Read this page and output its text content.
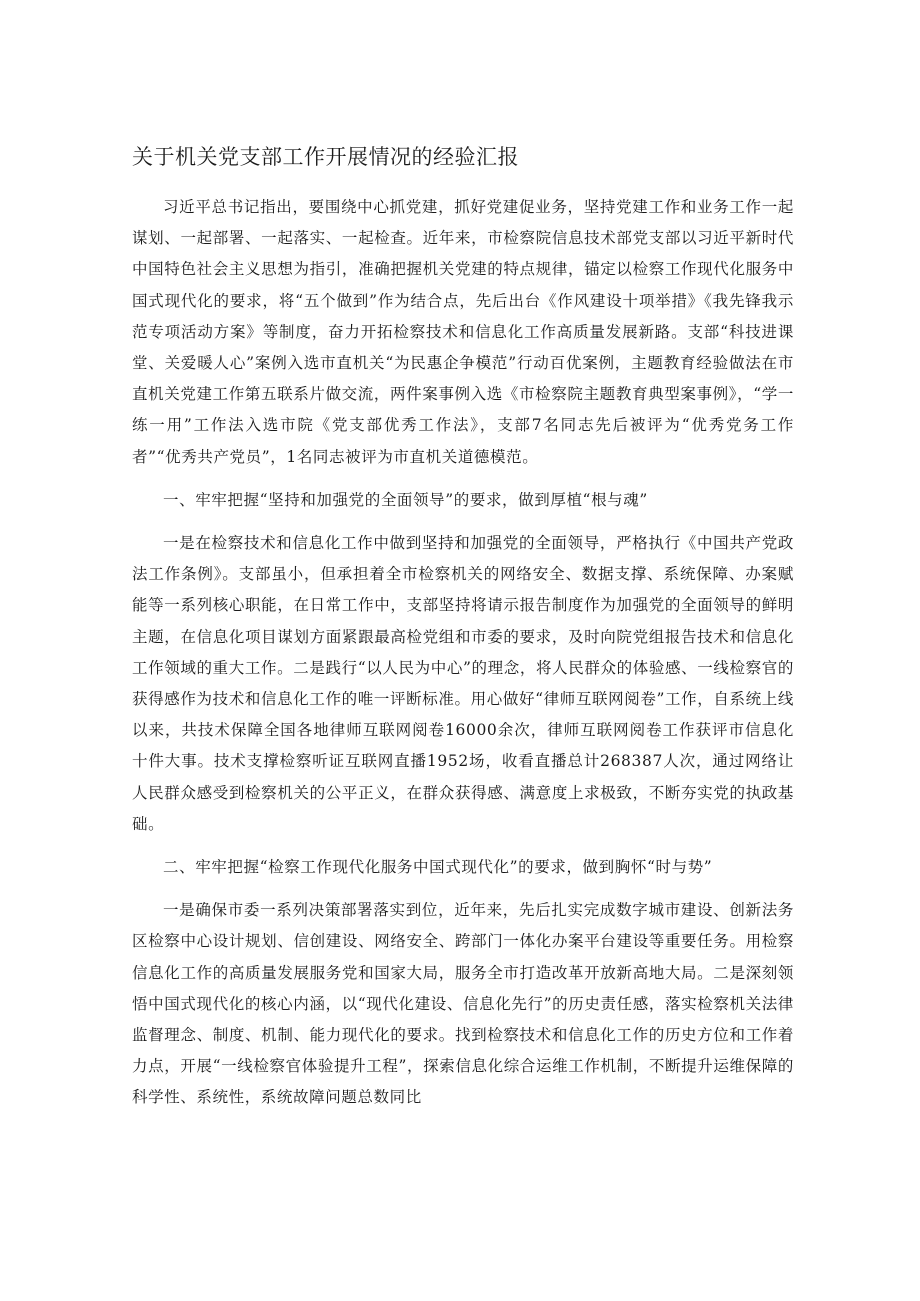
关于机关党支部工作开展情况的经验汇报

习近平总书记指出，要围绕中心抓党建，抓好党建促业务，坚持党建工作和业务工作一起谋划、一起部署、一起落实、一起检查。近年来，市检察院信息技术部党支部以习近平新时代中国特色社会主义思想为指引，准确把握机关党建的特点规律，锚定以检察工作现代化服务中国式现代化的要求，将“五个做到”作为结合点，先后出台《作风建设十项举措》《我先锋我示范专项活动方案》等制度，奋力开拓检察技术和信息化工作高质量发展新路。支部“科技进课堂、关爱暖人心”案例入选市直机关“为民惠企争模范”行动百优案例，主题教育经验做法在市直机关党建工作第五联系片做交流，两件案事例入选《市检察院主题教育典型案事例》，“学一练一用”工作法入选市院《党支部优秀工作法》，支部7名同志先后被评为“优秀党务工作者”“优秀共产党员”，1名同志被评为市直机关道德模范。

一、牢牢把握“坚持和加强党的全面领导”的要求，做到厚植“根与魂”

一是在检察技术和信息化工作中做到坚持和加强党的全面领导，严格执行《中国共产党政法工作条例》。支部虽小，但承担着全市检察机关的网络安全、数据支撑、系统保障、办案赋能等一系列核心职能，在日常工作中，支部坚持将请示报告制度作为加强党的全面领导的鲜明主题，在信息化项目谋划方面紧跟最高检党组和市委的要求，及时向院党组报告技术和信息化工作领域的重大工作。二是践行“以人民为中心”的理念，将人民群众的体验感、一线检察官的获得感作为技术和信息化工作的唯一评断标准。用心做好“律师互联网阅卷”工作，自系统上线以来，共技术保障全国各地律师互联网阅卷16000余次，律师互联网阅卷工作获评市信息化十件大事。技术支撑检察听证互联网直播1952场，收看直播总计268387人次，通过网络让人民群众感受到检察机关的公平正义，在群众获得感、满意度上求极致，不断夯实党的执政基础。

二、牢牢把握“检察工作现代化服务中国式现代化”的要求，做到胸怀“时与势”

一是确保市委一系列决策部署落实到位，近年来，先后扎实完成数字城市建设、创新法务区检察中心设计规划、信创建设、网络安全、跨部门一体化办案平台建设等重要任务。用检察信息化工作的高质量发展服务党和国家大局，服务全市打造改革开放新高地大局。二是深刻领悟中国式现代化的核心内涵，以“现代化建设、信息化先行”的历史责任感，落实检察机关法律监督理念、制度、机制、能力现代化的要求。找到检察技术和信息化工作的历史方位和工作着力点，开展“一线检察官体验提升工程”，探索信息化综合运维工作机制，不断提升运维保障的科学性、系统性，系统故障问题总数同比
